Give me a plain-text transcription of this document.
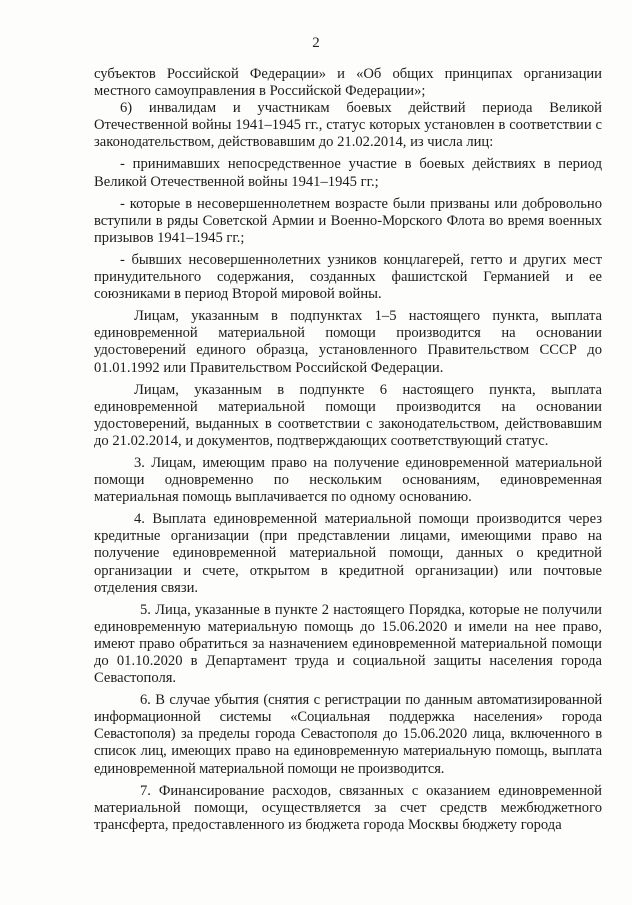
2

субъектов Российской Федерации» и «Об общих принципах организации местного самоуправления в Российской Федерации»;

6) инвалидам и участникам боевых действий периода Великой Отечественной войны 1941–1945 гг., статус которых установлен в соответствии с законодательством, действовавшим до 21.02.2014, из числа лиц:

- принимавших непосредственное участие в боевых действиях в период Великой Отечественной войны 1941–1945 гг.;

- которые в несовершеннолетнем возрасте были призваны или добровольно вступили в ряды Советской Армии и Военно-Морского Флота во время военных призывов 1941–1945 гг.;

- бывших несовершеннолетних узников концлагерей, гетто и других мест принудительного содержания, созданных фашистской Германией и ее союзниками в период Второй мировой войны.

Лицам, указанным в подпунктах 1–5 настоящего пункта, выплата единовременной материальной помощи производится на основании удостоверений единого образца, установленного Правительством СССР до 01.01.1992 или Правительством Российской Федерации.

Лицам, указанным в подпункте 6 настоящего пункта, выплата единовременной материальной помощи производится на основании удостоверений, выданных в соответствии с законодательством, действовавшим до 21.02.2014, и документов, подтверждающих соответствующий статус.

3. Лицам, имеющим право на получение единовременной материальной помощи одновременно по нескольким основаниям, единовременная материальная помощь выплачивается по одному основанию.

4. Выплата единовременной материальной помощи производится через кредитные организации (при представлении лицами, имеющими право на получение единовременной материальной помощи, данных о кредитной организации и счете, открытом в кредитной организации) или почтовые отделения связи.

5. Лица, указанные в пункте 2 настоящего Порядка, которые не получили единовременную материальную помощь до 15.06.2020 и имели на нее право, имеют право обратиться за назначением единовременной материальной помощи до 01.10.2020 в Департамент труда и социальной защиты населения города Севастополя.

6. В случае убытия (снятия с регистрации по данным автоматизированной информационной системы «Социальная поддержка населения» города Севастополя) за пределы города Севастополя до 15.06.2020 лица, включенного в список лиц, имеющих право на единовременную материальную помощь, выплата единовременной материальной помощи не производится.

7. Финансирование расходов, связанных с оказанием единовременной материальной помощи, осуществляется за счет средств межбюджетного трансферта, предоставленного из бюджета города Москвы бюджету города
